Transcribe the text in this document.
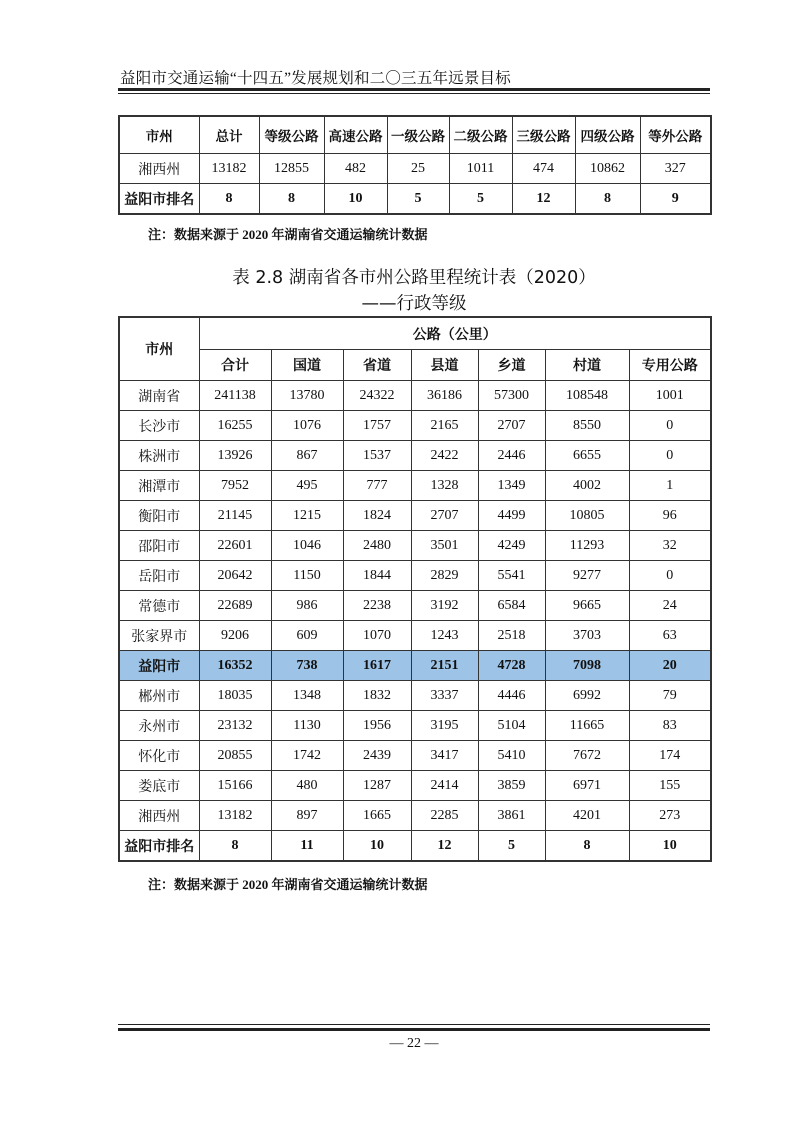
益阳市交通运输“十四五”发展规划和二〇三五年远景目标
市州	总计	等级公路	高速公路	一级公路	二级公路	三级公路	四级公路	等外公路
湘西州	13182	12855	482	25	1011	474	10862	327
益阳市排名	8	8	10	5	5	12	8	9
注：数据来源于 2020 年湖南省交通运输统计数据
表 2.8 湖南省各市州公路里程统计表（2020）
——行政等级
市州	公路（公里）						
	合计	国道	省道	县道	乡道	村道	专用公路
湖南省	241138	13780	24322	36186	57300	108548	1001
长沙市	16255	1076	1757	2165	2707	8550	0
株洲市	13926	867	1537	2422	2446	6655	0
湘潭市	7952	495	777	1328	1349	4002	1
衡阳市	21145	1215	1824	2707	4499	10805	96
邵阳市	22601	1046	2480	3501	4249	11293	32
岳阳市	20642	1150	1844	2829	5541	9277	0
常德市	22689	986	2238	3192	6584	9665	24
张家界市	9206	609	1070	1243	2518	3703	63
益阳市	16352	738	1617	2151	4728	7098	20
郴州市	18035	1348	1832	3337	4446	6992	79
永州市	23132	1130	1956	3195	5104	11665	83
怀化市	20855	1742	2439	3417	5410	7672	174
娄底市	15166	480	1287	2414	3859	6971	155
湘西州	13182	897	1665	2285	3861	4201	273
益阳市排名	8	11	10	12	5	8	10
注：数据来源于 2020 年湖南省交通运输统计数据
— 22 —
